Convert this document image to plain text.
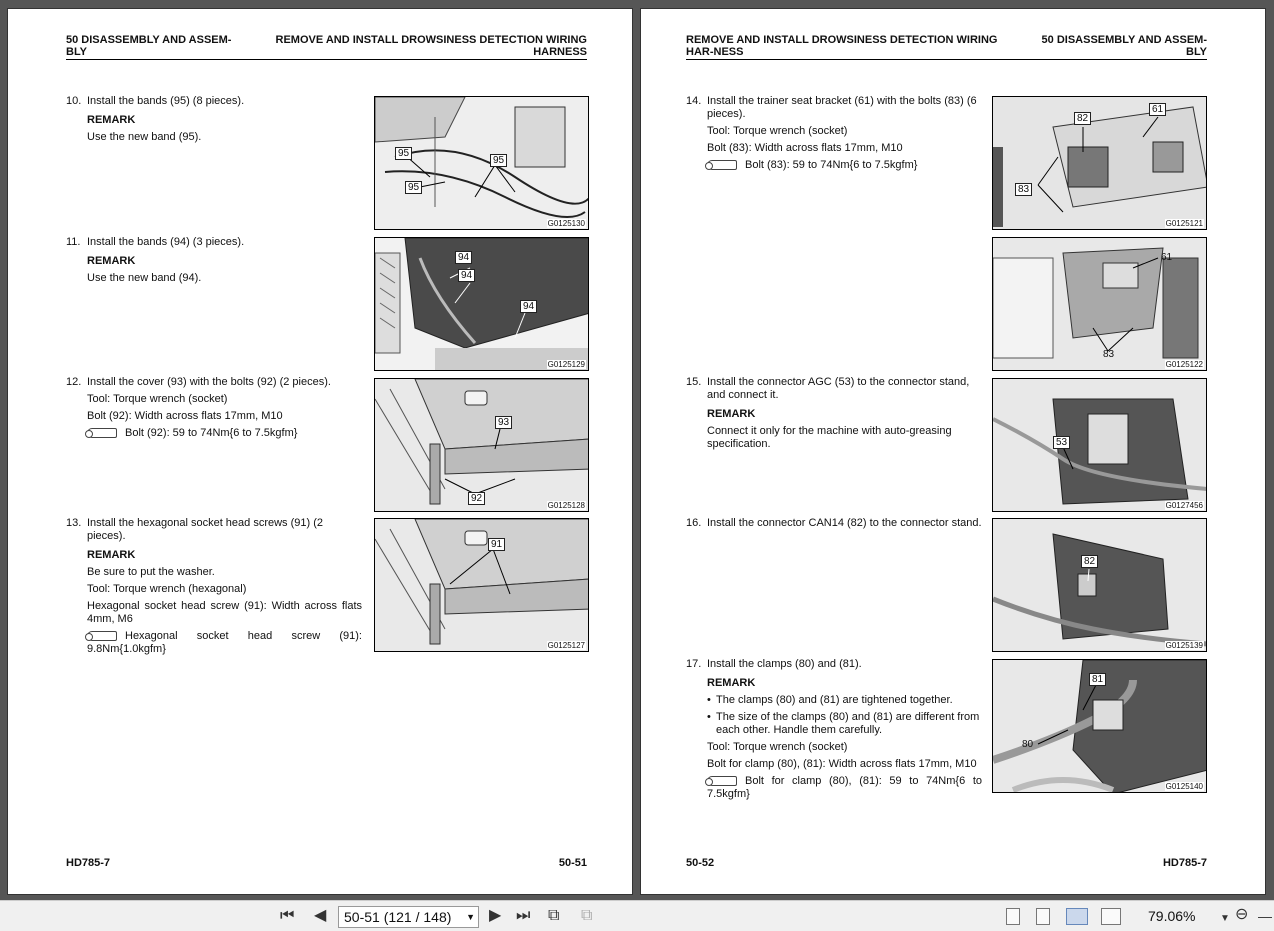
50 DISASSEMBLY AND ASSEM-BLY
REMOVE AND INSTALL DROWSINESS DETECTION WIRING HARNESS
10. Install the bands (95) (8 pieces).

REMARK

Use the new band (95).

95
95
95
G0125130
11. Install the bands (94) (3 pieces).

REMARK

Use the new band (94).

94
94
94
G0125129
12. Install the cover (93) with the bolts (92) (2 pieces).

Tool: Torque wrench (socket)

Bolt (92): Width across flats 17mm, M10

Bolt (92): 59 to 74Nm{6 to 7.5kgfm}

93
92
G0125128
13. Install the hexagonal socket head screws (91) (2 pieces).

REMARK

Be sure to put the washer.

Tool: Torque wrench (hexagonal)

Hexagonal socket head screw (91): Width across flats 4mm, M6

Hexagonal socket head screw (91): 9.8Nm{1.0kgfm}

91
G0125127
HD785-7	50-51
REMOVE AND INSTALL DROWSINESS DETECTION WIRING HAR-NESS
50 DISASSEMBLY AND ASSEM-BLY
14. Install the trainer seat bracket (61) with the bolts (83) (6 pieces).

Tool: Torque wrench (socket)

Bolt (83): Width across flats 17mm, M10

Bolt (83): 59 to 74Nm{6 to 7.5kgfm}

82
61
83
G0125121
61
83
G0125122
15. Install the connector AGC (53) to the connector stand, and connect it.

REMARK

Connect it only for the machine with auto-greasing specification.	53
G0127456
16. Install the connector CAN14 (82) to the connector stand.

82
G0125139
17. Install the clamps (80) and (81).

REMARK

• The clamps (80) and (81) are tightened together.
• The size of the clamps (80) and (81) are different from each other. Handle them carefully.

Tool: Torque wrench (socket)

Bolt for clamp (80), (81): Width across flats 17mm, M10

Bolt for clamp (80), (81): 59 to 74Nm{6 to 7.5kgfm}

81
80
G0125140
50-52	HD785-7
⏮ ◀	50-51 (121 / 148) ▼ ▶ ⏭ ⧉ ⧉	79.06% ▼ ⊖ —
